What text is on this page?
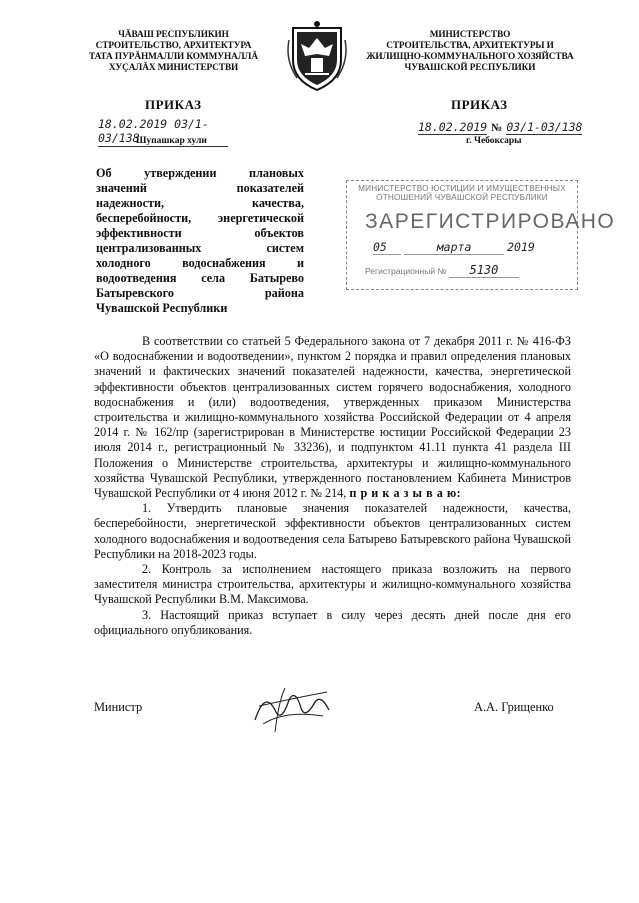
ЧĂВАШ РЕСПУБЛИКИН
СТРОИТЕЛЬСТВО, АРХИТЕКТУРА
ТАТА ПУРĂНМАЛЛИ КОММУНАЛЛĂ
ХУÇАЛĂХ МИНИСТЕРСТВИ
МИНИСТЕРСТВО
СТРОИТЕЛЬСТВА, АРХИТЕКТУРЫ И
ЖИЛИЩНО-КОММУНАЛЬНОГО ХОЗЯЙСТВА
ЧУВАШСКОЙ РЕСПУБЛИКИ
ПРИКАЗ	ПРИКАЗ
18.02.2019 03/1-03/138
Шупашкар хули
18.02.2019 № 03/1-03/138
г. Чебоксары
Об утверждении плановых
значений показателей
надежности, качества,
бесперебойности, энергетической
эффективности объектов
централизованных систем
холодного водоснабжения и
водоотведения села Батырево
Батыревского района
Чувашской Республики
МИНИСТЕРСТВО ЮСТИЦИИ И ИМУЩЕСТВЕННЫХ
ОТНОШЕНИЙ ЧУВАШСКОЙ РЕСПУБЛИКИ
ЗАРЕГИСТРИРОВАНО
05	марта	2019
Регистрационный № 5130

В соответствии со статьей 5 Федерального закона от 7 декабря 2011 г. № 416-ФЗ «О водоснабжении и водоотведении», пунктом 2 порядка и правил определения плановых значений и фактических значений показателей надежности, качества, энергетической эффективности объектов централизованных систем горячего водоснабжения, холодного водоснабжения и (или) водоотведения, утвержденных приказом Министерства строительства и жилищно-коммунального хозяйства Российской Федерации от 4 апреля 2014 г. № 162/пр (зарегистрирован в Министерстве юстиции Российской Федерации 23 июля 2014 г., регистрационный № 33236), и подпунктом 41.11 пункта 41 раздела III Положения о Министерстве строительства, архитектуры и жилищно-коммунального хозяйства Чувашской Республики, утвержденного постановлением Кабинета Министров Чувашской Республики от 4 июня 2012 г. № 214, п р и к а з ы в а ю:

1. Утвердить плановые значения показателей надежности, качества, бесперебойности, энергетической эффективности объектов централизованных систем холодного водоснабжения и водоотведения села Батырево Батыревского района Чувашской Республики на 2018-2023 годы.

2. Контроль за исполнением настоящего приказа возложить на первого заместителя министра строительства, архитектуры и жилищно-коммунального хозяйства Чувашской Республики В.М. Максимова.

3. Настоящий приказ вступает в силу через десять дней после дня его официального опубликования.

Министр	А.А. Грищенко
